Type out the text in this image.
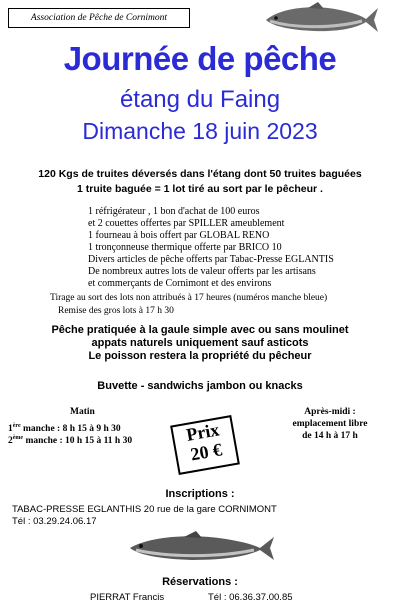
Association de Pêche de Cornimont
Journée de pêche
étang du Faing
Dimanche 18 juin 2023
120 Kgs de truites déversés dans l'étang dont 50 truites baguées
1 truite baguée = 1 lot tiré au sort par le pêcheur .
1 réfrigérateur , 1 bon d'achat de 100 euros
et 2 couettes offertes par SPILLER ameublement
1 fourneau à bois offert par GLOBAL RENO
1 tronçonneuse thermique offerte par BRICO 10
Divers articles de pêche offerts par Tabac-Presse EGLANTIS
De nombreux autres lots de valeur offerts par les artisans
et commerçants de Cornimont et des environs
Tirage au sort des lots non attribués à 17 heures (numéros manche bleue)
Remise des gros lots à 17 h 30
Pêche pratiquée à la gaule simple avec ou sans moulinet
appats naturels uniquement sauf asticots
Le poisson restera la propriété du pêcheur
Buvette - sandwichs jambon ou knacks
Matin
1ère manche : 8 h 15 à 9 h 30
2ème manche : 10 h 15 à 11 h 30	Prix
20 €
Après-midi :
emplacement libre
de 14 h à 17 h
Inscriptions :
TABAC-PRESSE EGLANTHIS 20 rue de la gare CORNIMONT
Tél : 03.29.24.06.17
Réservations :
PIERRAT Francis	Tél : 06.36.37.00.85
